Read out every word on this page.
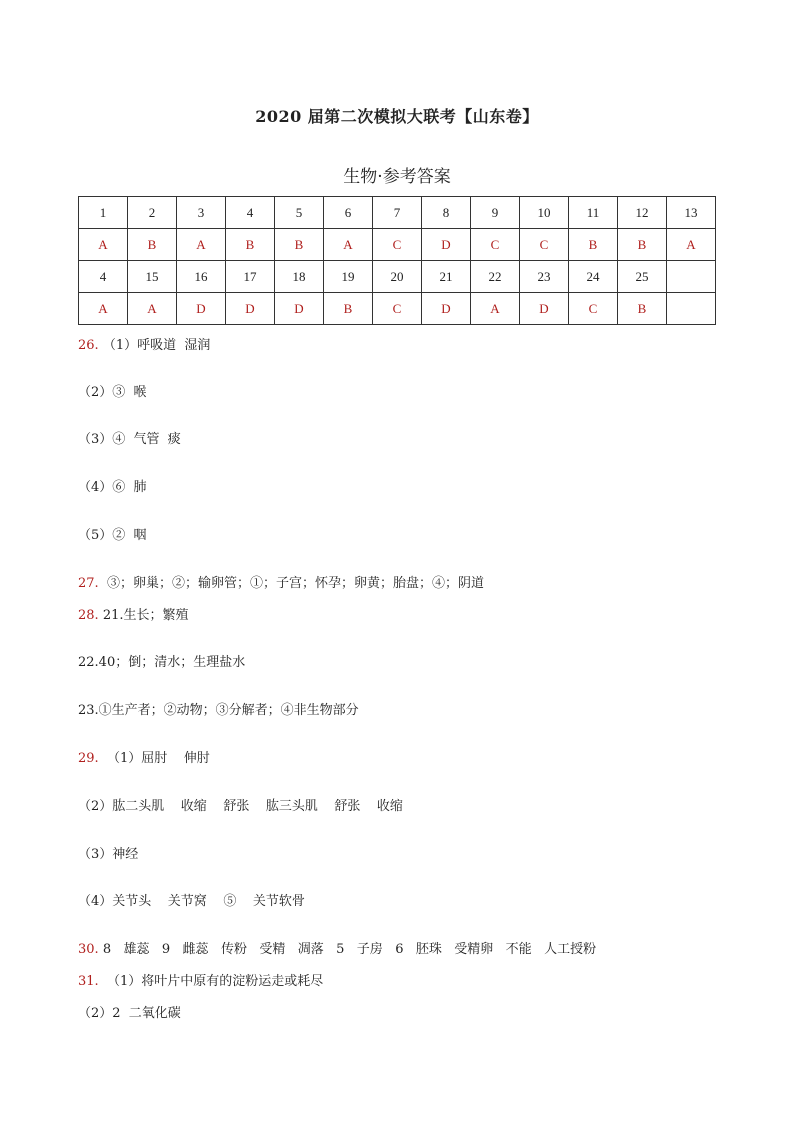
2020 届第二次模拟大联考【山东卷】
生物·参考答案
1	2	3	4	5	6	7	8	9	10	11	12	13
A	B	A	B	B	A	C	D	C	C	B	B	A
4	15	16	17	18	19	20	21	22	23	24	25	
A	A	D	D	D	B	C	D	A	D	C	B	
26. （1）呼吸道  湿润
（2）③  喉
（3）④  气管  痰
（4）⑥  肺
（5）②  咽
27.  ③；卵巢；②；输卵管；①；子宫；怀孕；卵黄；胎盘；④；阴道
28. 21.生长；繁殖
22.40；倒；清水；生理盐水
23.①生产者；②动物；③分解者；④非生物部分
29.  （1）屈肘    伸肘
（2）肱二头肌    收缩    舒张    肱三头肌    舒张    收缩
（3）神经
（4）关节头    关节窝    ⑤    关节软骨
30. 8   雄蕊   9   雌蕊   传粉   受精   凋落   5   子房   6   胚珠   受精卵   不能   人工授粉
31.  （1）将叶片中原有的淀粉运走或耗尽
（2）2  二氧化碳
